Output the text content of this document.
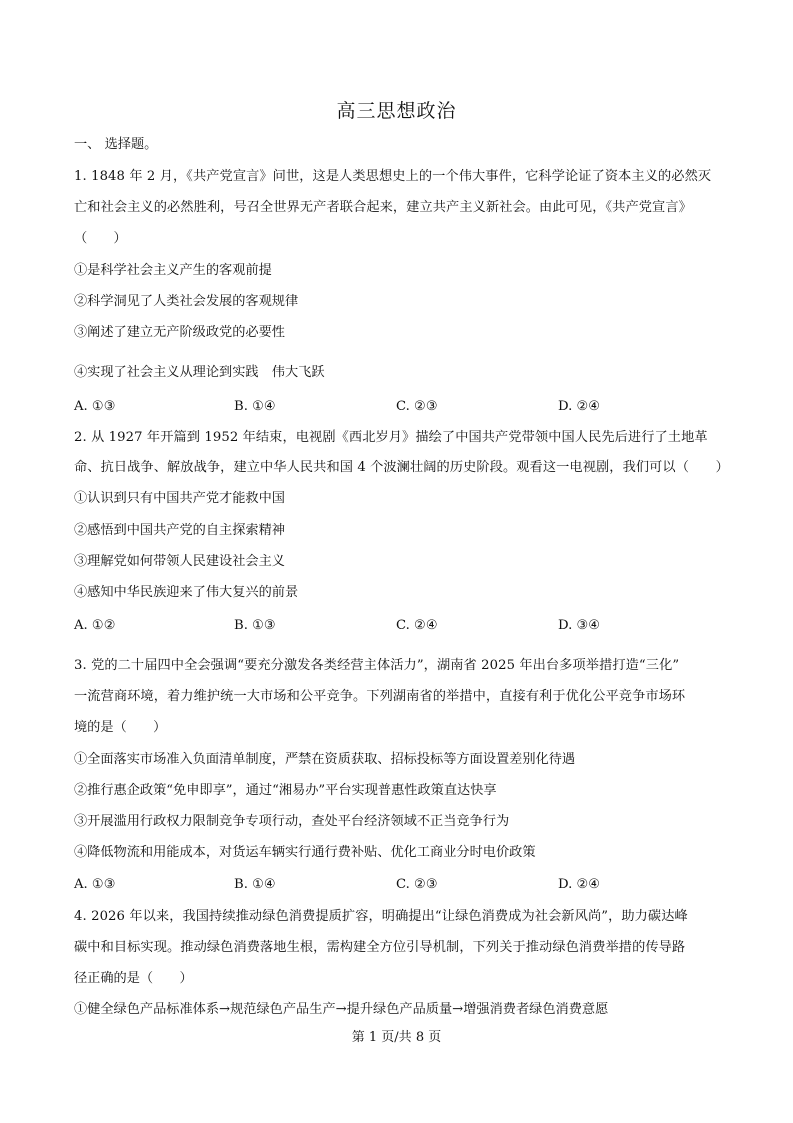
高三思想政治
一、 选择题。
1. 1848 年 2 月，《共产党宣言》问世，这是人类思想史上的一个伟大事件，它科学论证了资本主义的必然灭
亡和社会主义的必然胜利，号召全世界无产者联合起来，建立共产主义新社会。由此可见，《共产党宣言》
（　　）
①是科学社会主义产生的客观前提
②科学洞见了人类社会发展的客观规律
③阐述了建立无产阶级政党的必要性
④实现了社会主义从理论到实践　伟大飞跃
A. ①③	B. ①④	C. ②③	D. ②④
2. 从 1927 年开篇到 1952 年结束，电视剧《西北岁月》描绘了中国共产党带领中国人民先后进行了土地革
命、抗日战争、解放战争，建立中华人民共和国 4 个波澜壮阔的历史阶段。观看这一电视剧，我们可以（　　）
①认识到只有中国共产党才能救中国
②感悟到中国共产党的自主探索精神
③理解党如何带领人民建设社会主义
④感知中华民族迎来了伟大复兴的前景
A. ①②	B. ①③	C. ②④	D. ③④
3. 党的二十届四中全会强调“要充分激发各类经营主体活力”，湖南省 2025 年出台多项举措打造“三化”
一流营商环境，着力维护统一大市场和公平竞争。下列湖南省的举措中，直接有利于优化公平竞争市场环
境的是（　　）
①全面落实市场准入负面清单制度，严禁在资质获取、招标投标等方面设置差别化待遇
②推行惠企政策“免申即享”，通过“湘易办”平台实现普惠性政策直达快享
③开展滥用行政权力限制竞争专项行动，查处平台经济领域不正当竞争行为
④降低物流和用能成本，对货运车辆实行通行费补贴、优化工商业分时电价政策
A. ①③	B. ①④	C. ②③	D. ②④
4. 2026 年以来，我国持续推动绿色消费提质扩容，明确提出“让绿色消费成为社会新风尚”，助力碳达峰
碳中和目标实现。推动绿色消费落地生根，需构建全方位引导机制，下列关于推动绿色消费举措的传导路
径正确的是（　　）
①健全绿色产品标准体系→规范绿色产品生产→提升绿色产品质量→增强消费者绿色消费意愿
第 1 页/共 8 页
